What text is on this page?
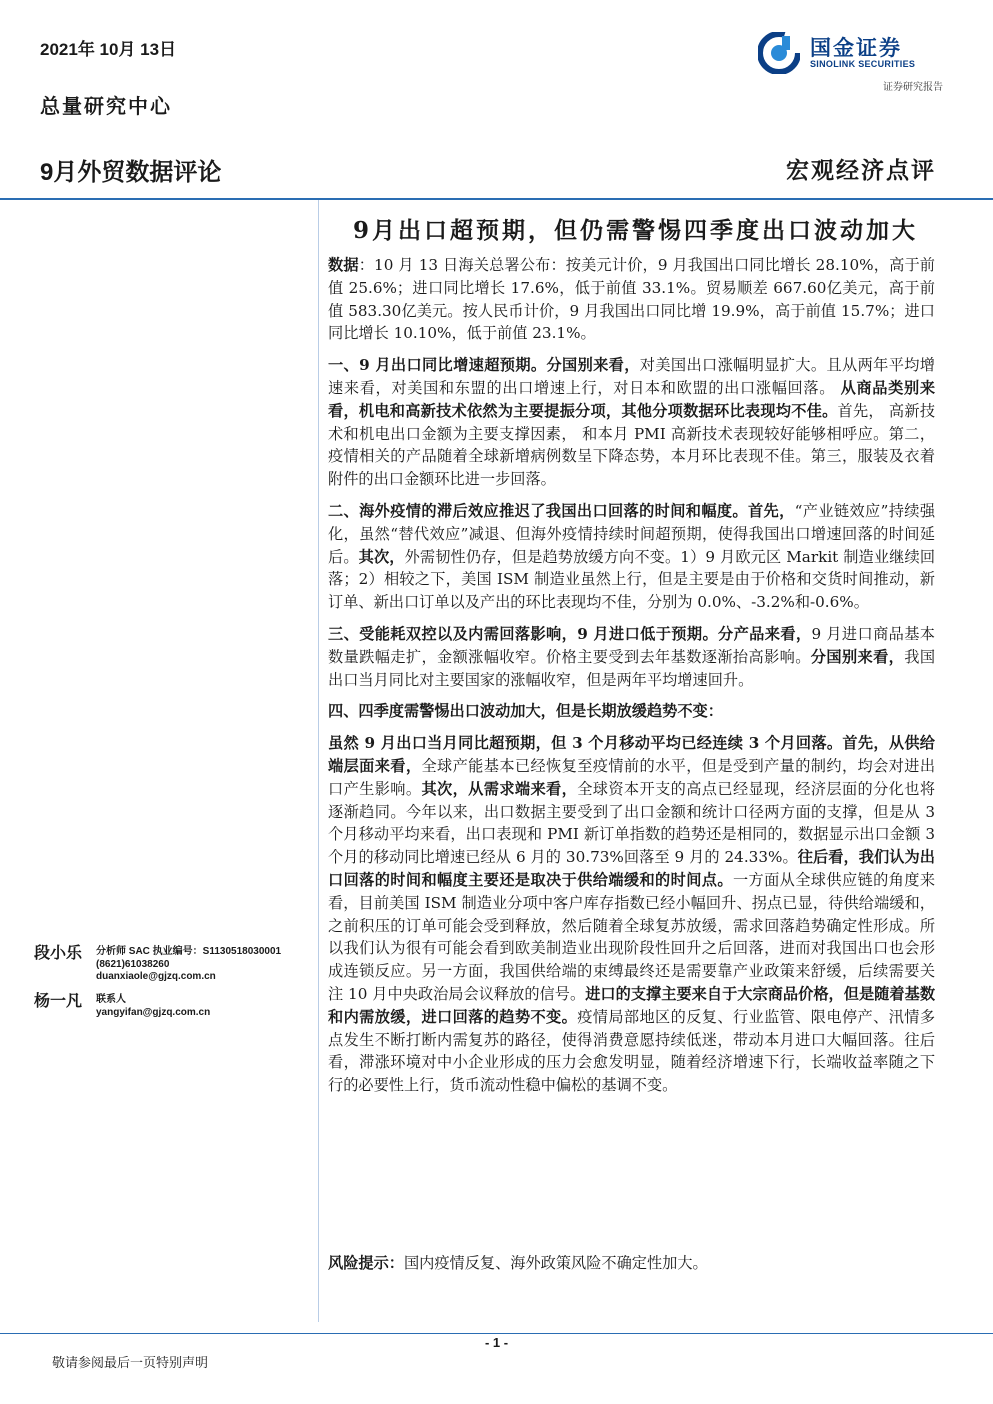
2021年 10月 13日
总量研究中心
国金证券
SINOLINK SECURITIES
证券研究报告
9月外贸数据评论	宏观经济点评
9月出口超预期，但仍需警惕四季度出口波动加大

数据：10 月 13 日海关总署公布：按美元计价，9 月我国出口同比增长 28.10%，高于前值 25.6%；进口同比增长 17.6%，低于前值 33.1%。贸易顺差 667.60亿美元，高于前值 583.30亿美元。按人民币计价，9 月我国出口同比增 19.9%，高于前值 15.7%；进口同比增长 10.10%，低于前值 23.1%。

一、9 月出口同比增速超预期。分国别来看，对美国出口涨幅明显扩大。且从两年平均增速来看，对美国和东盟的出口增速上行，对日本和欧盟的出口涨幅回落。 从商品类别来看，机电和高新技术依然为主要提振分项，其他分项数据环比表现均不佳。首先， 高新技术和机电出口金额为主要支撑因素， 和本月 PMI 高新技术表现较好能够相呼应。第二，疫情相关的产品随着全球新增病例数呈下降态势，本月环比表现不佳。第三，服装及衣着附件的出口金额环比进一步回落。

二、海外疫情的滞后效应推迟了我国出口回落的时间和幅度。首先，“产业链效应”持续强化，虽然“替代效应”减退、但海外疫情持续时间超预期，使得我国出口增速回落的时间延后。其次，外需韧性仍存，但是趋势放缓方向不变。1）9 月欧元区 Markit 制造业继续回落；2）相较之下，美国 ISM 制造业虽然上行，但是主要是由于价格和交货时间推动，新订单、新出口订单以及产出的环比表现均不佳，分别为 0.0%、-3.2%和-0.6%。

三、受能耗双控以及内需回落影响，9 月进口低于预期。分产品来看，9 月进口商品基本数量跌幅走扩，金额涨幅收窄。价格主要受到去年基数逐渐抬高影响。分国别来看，我国出口当月同比对主要国家的涨幅收窄，但是两年平均增速回升。

四、四季度需警惕出口波动加大，但是长期放缓趋势不变：

虽然 9 月出口当月同比超预期，但 3 个月移动平均已经连续 3 个月回落。首先，从供给端层面来看，全球产能基本已经恢复至疫情前的水平，但是受到产量的制约，均会对进出口产生影响。其次，从需求端来看，全球资本开支的高点已经显现，经济层面的分化也将逐渐趋同。今年以来，出口数据主要受到了出口金额和统计口径两方面的支撑，但是从 3 个月移动平均来看，出口表现和 PMI 新订单指数的趋势还是相同的，数据显示出口金额 3 个月的移动同比增速已经从 6 月的 30.73%回落至 9 月的 24.33%。往后看，我们认为出口回落的时间和幅度主要还是取决于供给端缓和的时间点。一方面从全球供应链的角度来看，目前美国 ISM 制造业分项中客户库存指数已经小幅回升、拐点已显，待供给端缓和，之前积压的订单可能会受到释放，然后随着全球复苏放缓，需求回落趋势确定性形成。所以我们认为很有可能会看到欧美制造业出现阶段性回升之后回落，进而对我国出口也会形成连锁反应。另一方面，我国供给端的束缚最终还是需要靠产业政策来舒缓，后续需要关注 10 月中央政治局会议释放的信号。进口的支撑主要来自于大宗商品价格，但是随着基数和内需放缓，进口回落的趋势不变。疫情局部地区的反复、行业监管、限电停产、汛情多点发生不断打断内需复苏的路径，使得消费意愿持续低迷，带动本月进口大幅回落。往后看，滞涨环境对中小企业形成的压力会愈发明显，随着经济增速下行，长端收益率随之下行的必要性上行，货币流动性稳中偏松的基调不变。

风险提示：国内疫情反复、海外政策风险不确定性加大。
段小乐 分析师 SAC 执业编号：S1130518030001
(8621)61038260
duanxiaole@gjzq.com.cn
杨一凡 联系人
yangyifan@gjzq.com.cn
- 1 -
敬请参阅最后一页特别声明
